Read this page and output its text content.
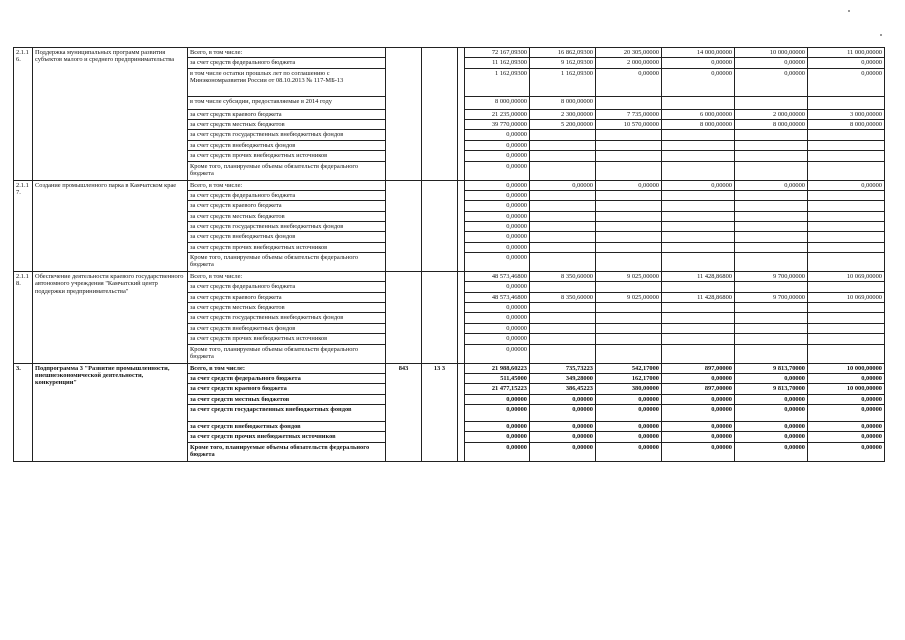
2.1.16.	Поддержка муниципальных программ развития субъектов малого и среднего предпринимательства	Всего, в том числе:				72 167,09300	16 862,09300	20 305,00000	14 000,00000	10 000,00000	11 000,00000
		за счет средств федерального бюджета				11 162,09300	9 162,09300	2 000,00000	0,00000	0,00000	0,00000
		в том числе остатки прошлых лет по соглашению с Минэкономразвития России от 08.10.2013 № 117-МБ-13				1 162,09300	1 162,09300	0,00000	0,00000	0,00000	0,00000
		в том числе субсидии, предоставляемые в 2014 году				8 000,00000	8 000,00000				
		за счет средств краевого бюджета				21 235,00000	2 300,00000	7 735,00000	6 000,00000	2 000,00000	3 000,00000
		за счет средств местных бюджетов				39 770,00000	5 200,00000	10 570,00000	8 000,00000	8 000,00000	8 000,00000
		за счет средств государственных внебюджетных фондов				0,00000					
		за счет средств внебюджетных фондов				0,00000					
		за счет средств прочих внебюджетных источников				0,00000					
		Кроме того, планируемые объемы обязательств федерального бюджета				0,00000					
2.1.17.	Создание промышленного парка в Камчатском крае	Всего, в том числе:				0,00000	0,00000	0,00000	0,00000	0,00000	0,00000
		за счет средств федерального бюджета				0,00000					
		за счет средств краевого бюджета				0,00000					
		за счет средств местных бюджетов				0,00000					
		за счет средств государственных внебюджетных фондов				0,00000					
		за счет средств внебюджетных фондов				0,00000					
		за счет средств прочих внебюджетных источников				0,00000					
		Кроме того, планируемые объемы обязательств федерального бюджета				0,00000					
2.1.18.	Обеспечение деятельности краевого государственного автономного учреждения "Камчатский центр поддержки предпринимательства"	Всего, в том числе:				48 573,46800	8 350,60000	9 025,00000	11 428,86800	9 700,00000	10 069,00000
		за счет средств федерального бюджета				0,00000					
		за счет средств краевого бюджета				48 573,46800	8 350,60000	9 025,00000	11 428,86800	9 700,00000	10 069,00000
		за счет средств местных бюджетов				0,00000					
		за счет средств государственных внебюджетных фондов				0,00000					
		за счет средств внебюджетных фондов				0,00000					
		за счет средств прочих внебюджетных источников				0,00000					
		Кроме того, планируемые объемы обязательств федерального бюджета				0,00000					
3.	Подпрограмма 3 "Развитие промышленности, внешнеэкономической деятельности, конкуренции"	Всего, в том числе:	843	13 3		21 988,60223	735,73223	542,17000	897,00000	9 813,70000	10 000,00000
		за счет средств федерального бюджета				511,45000	349,28000	162,17000	0,00000	0,00000	0,00000
		за счет средств краевого бюджета				21 477,15223	386,45223	380,00000	897,00000	9 813,70000	10 000,00000
		за счет средств местных бюджетов				0,00000	0,00000	0,00000	0,00000	0,00000	0,00000
		за счет средств государственных внебюджетных фондов				0,00000	0,00000	0,00000	0,00000	0,00000	0,00000
		за счет средств внебюджетных фондов				0,00000	0,00000	0,00000	0,00000	0,00000	0,00000
		за счет средств прочих внебюджетных источников				0,00000	0,00000	0,00000	0,00000	0,00000	0,00000
		Кроме того, планируемые объемы обязательств федерального бюджета				0,00000	0,00000	0,00000	0,00000	0,00000	0,00000
